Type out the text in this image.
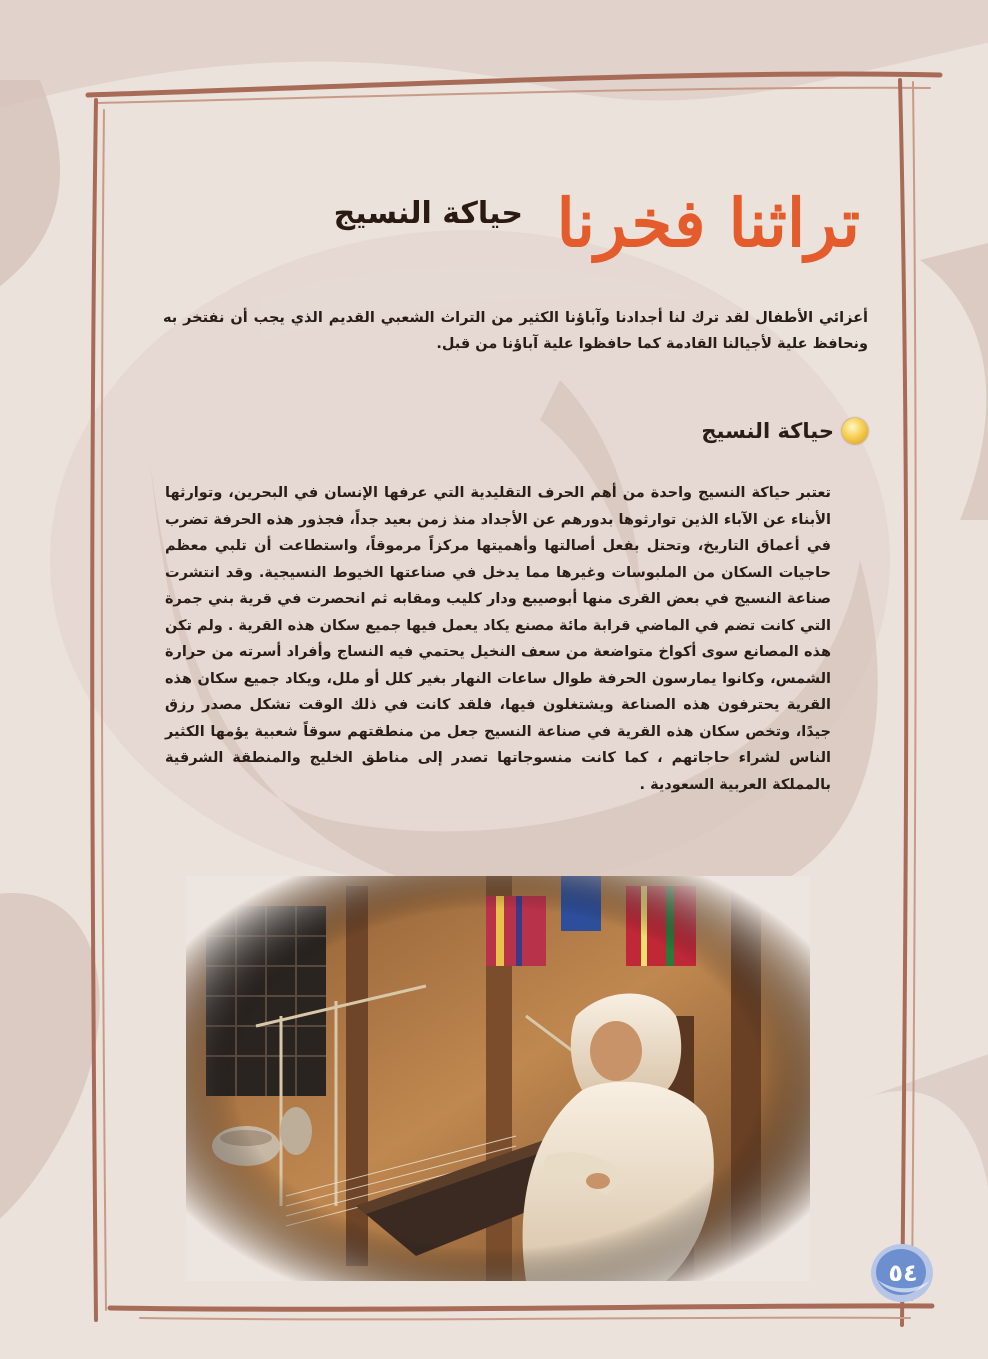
تراثنا فخرنا
حياكة النسيج

أعزائي الأطفال لقد ترك لنا أجدادنا وآباؤنا الكثير من التراث الشعبي القديم الذي يجب أن نفتخر به ونحافظ علية لأجيالنا القادمة كما حافظوا علية آباؤنا من قبل.

حياكة النسيج

تعتبر حياكة النسيج واحدة من أهم الحرف التقليدية التي عرفها الإنسان في البحرين، وتوارثها الأبناء عن الآباء الذين توارثوها بدورهم عن الأجداد منذ زمن بعيد جداً، فجذور هذه الحرفة تضرب في أعماق التاريخ، وتحتل بفعل أصالتها وأهميتها مركزاً مرموقاً، واستطاعت أن تلبي معظم حاجيات السكان من الملبوسات وغيرها مما يدخل في صناعتها الخيوط النسيجية. وقد انتشرت صناعة النسيج في بعض القرى منها أبوصيبع ودار كليب ومقابه ثم انحصرت في قرية بني جمرة التي كانت تضم في الماضي قرابة مائة مصنع يكاد يعمل فيها جميع سكان هذه القرية . ولم تكن هذه المصانع سوى أكواخ متواضعة من سعف النخيل يحتمي فيه النساج وأفراد أسرته من حرارة الشمس، وكانوا يمارسون الحرفة طوال ساعات النهار بغير كلل أو ملل، ويكاد جميع سكان هذه القرية يحترفون هذه الصناعة ويشتغلون فيها، فلقد كانت في ذلك الوقت تشكل مصدر رزق جيدًا، وتخص سكان هذه القرية في صناعة النسيج جعل من منطقتهم سوقاً شعبية يؤمها الكثير الناس لشراء حاجاتهم ، كما كانت منسوجاتها تصدر إلى مناطق الخليج والمنطقة الشرقية بالمملكة العربية السعودية .

٥٤
